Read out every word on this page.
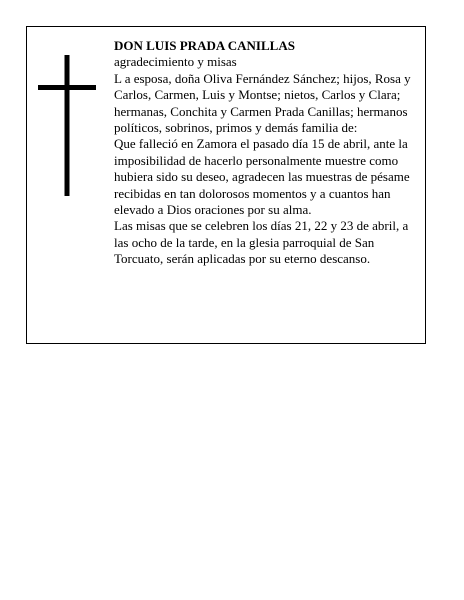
DON LUIS PRADA CANILLAS

agradecimiento y misas

L a esposa, doña Oliva Fernández Sánchez; hijos, Rosa y Carlos, Carmen, Luis y Montse; nietos, Carlos y Clara; hermanas, Conchita y Carmen Prada Canillas; hermanos políticos, sobrinos, primos y demás familia de:

Que falleció en Zamora el pasado día 15 de abril, ante la imposibilidad de hacerlo personalmente muestre como hubiera sido su deseo, agradecen las muestras de pésame recibidas en tan dolorosos momentos y a cuantos han elevado a Dios oraciones por su alma.

Las misas que se celebren los días 21, 22 y 23 de abril, a las ocho de la tarde, en la glesia parroquial de San Torcuato, serán aplicadas por su eterno descanso.
